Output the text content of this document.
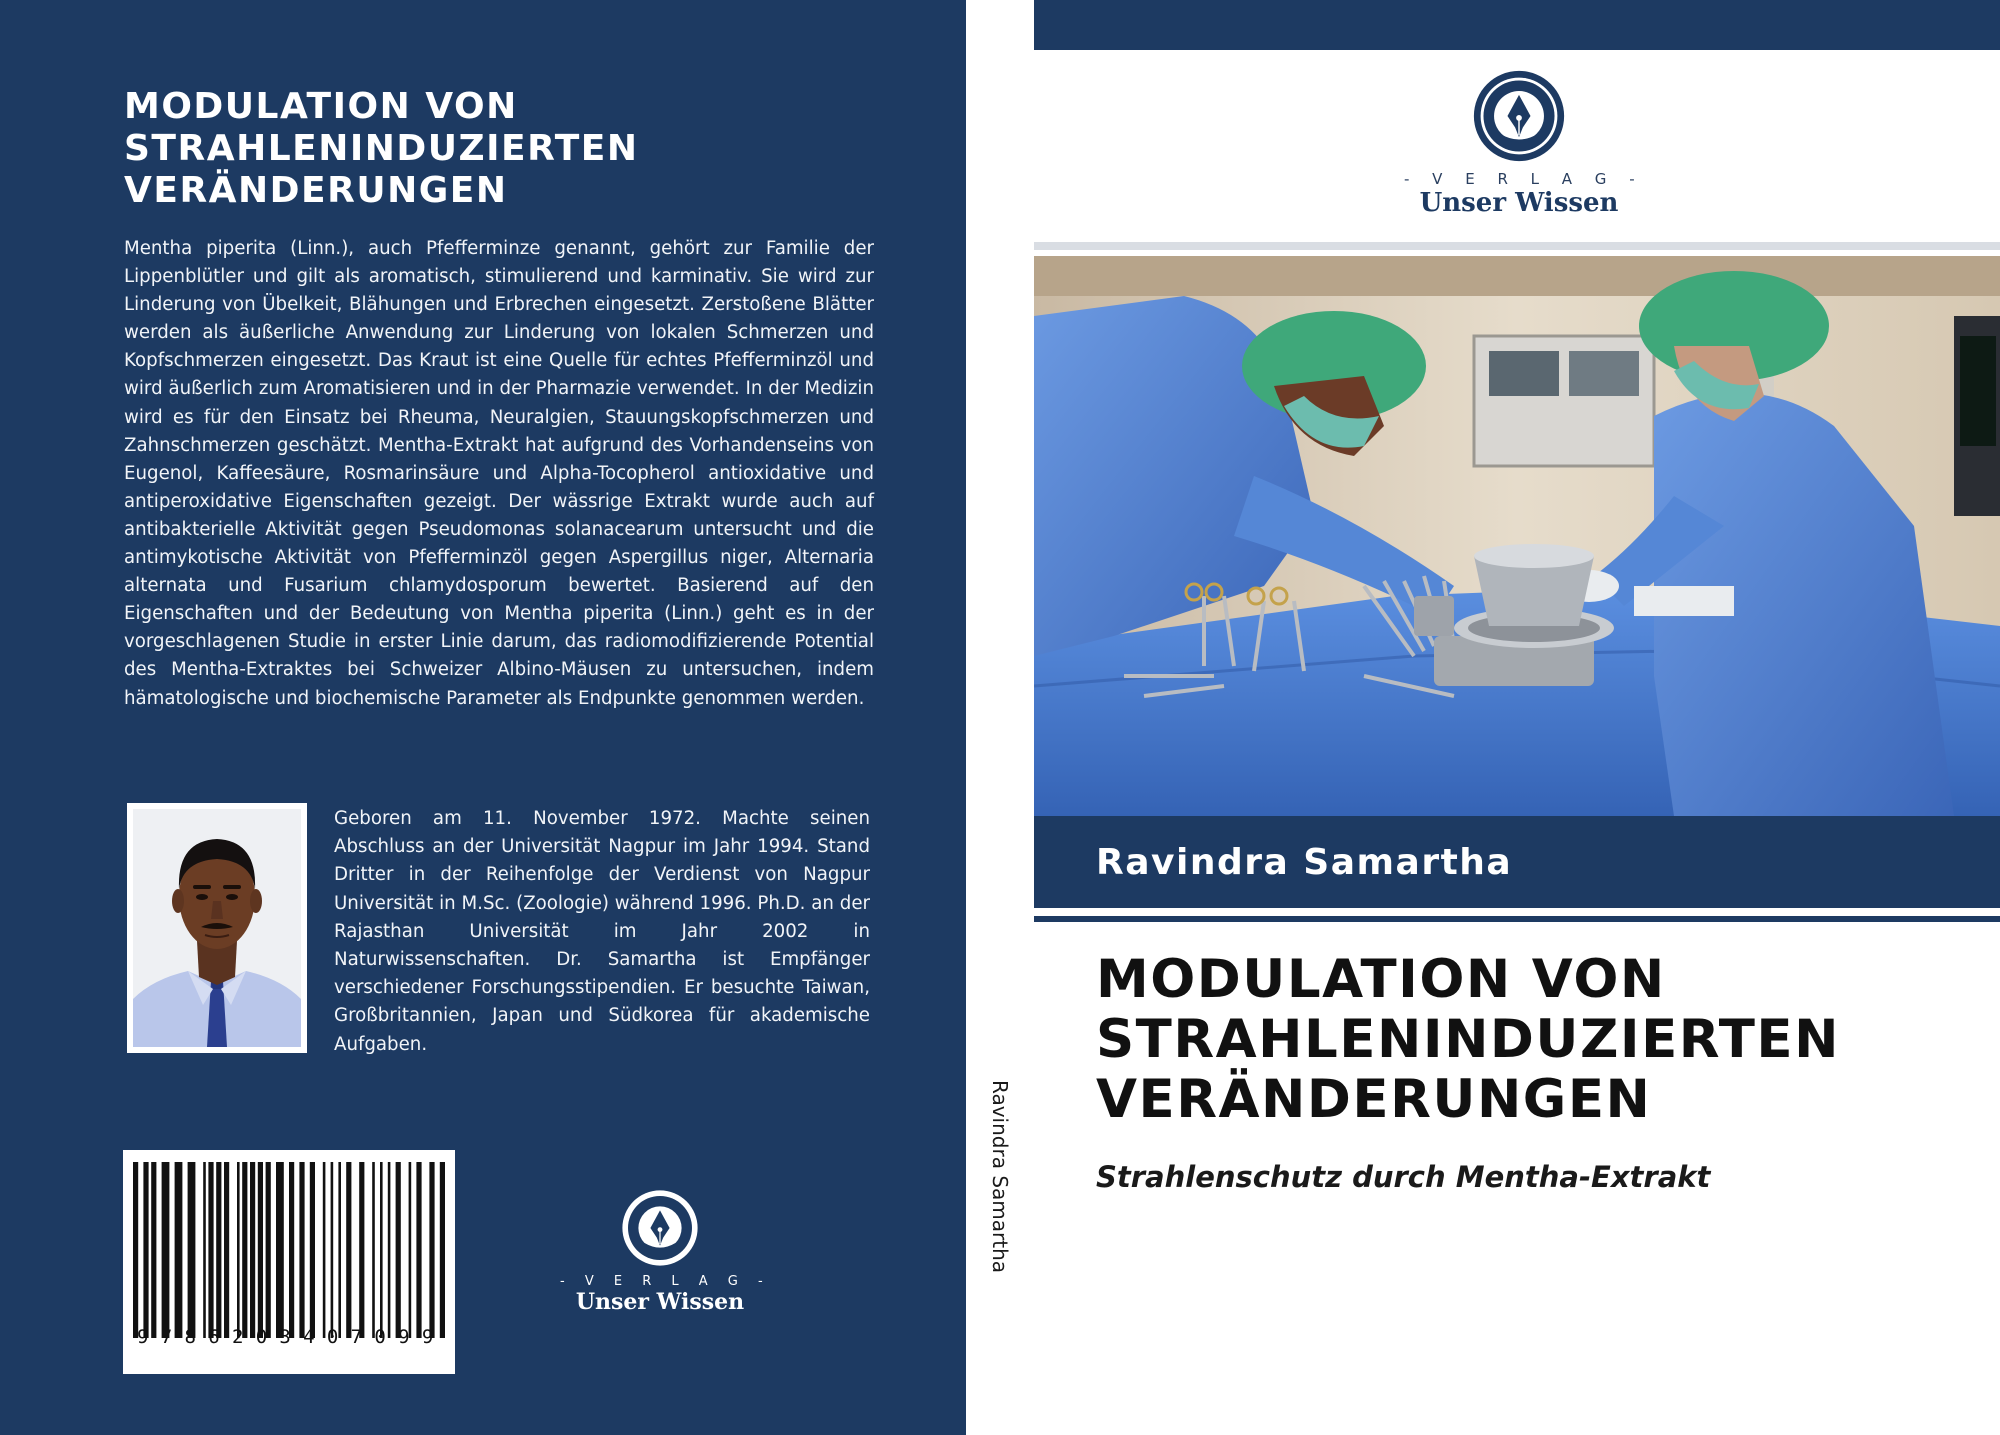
MODULATION VON STRAHLENINDUZIERTEN VERÄNDERUNGEN

Mentha piperita (Linn.), auch Pfefferminze genannt, gehört zur Familie der Lippenblütler und gilt als aromatisch, stimulierend und karminativ. Sie wird zur Linderung von Übelkeit, Blähungen und Erbrechen eingesetzt. Zerstoßene Blätter werden als äußerliche Anwendung zur Linderung von lokalen Schmerzen und Kopfschmerzen eingesetzt. Das Kraut ist eine Quelle für echtes Pfefferminzöl und wird äußerlich zum Aromatisieren und in der Pharmazie verwendet. In der Medizin wird es für den Einsatz bei Rheuma, Neuralgien, Stauungskopfschmerzen und Zahnschmerzen geschätzt. Mentha-Extrakt hat aufgrund des Vorhandenseins von Eugenol, Kaffeesäure, Rosmarinsäure und Alpha-Tocopherol antioxidative und antiperoxidative Eigenschaften gezeigt. Der wässrige Extrakt wurde auch auf antibakterielle Aktivität gegen Pseudomonas solanacearum untersucht und die antimykotische Aktivität von Pfefferminzöl gegen Aspergillus niger, Alternaria alternata und Fusarium chlamydosporum bewertet. Basierend auf den Eigenschaften und der Bedeutung von Mentha piperita (Linn.) geht es in der vorgeschlagenen Studie in erster Linie darum, das radiomodifizierende Potential des Mentha-Extraktes bei Schweizer Albino-Mäusen zu untersuchen, indem hämatologische und biochemische Parameter als Endpunkte genommen werden.

Geboren am 11. November 1972. Machte seinen Abschluss an der Universität Nagpur im Jahr 1994. Stand Dritter in der Reihenfolge der Verdienst von Nagpur Universität in M.Sc. (Zoologie) während 1996. Ph.D. an der Rajasthan Universität im Jahr 2002 in Naturwissenschaften. Dr. Samartha ist Empfänger verschiedener Forschungsstipendien. Er besuchte Taiwan, Großbritannien, Japan und Südkorea für akademische Aufgaben.

9786203407099
- V E R L A G -
Unser Wissen
Ravindra Samartha
- V E R L A G -
Unser Wissen
Ravindra Samartha
MODULATION VON STRAHLENINDUZIERTEN VERÄNDERUNGEN
Strahlenschutz durch Mentha-Extrakt
